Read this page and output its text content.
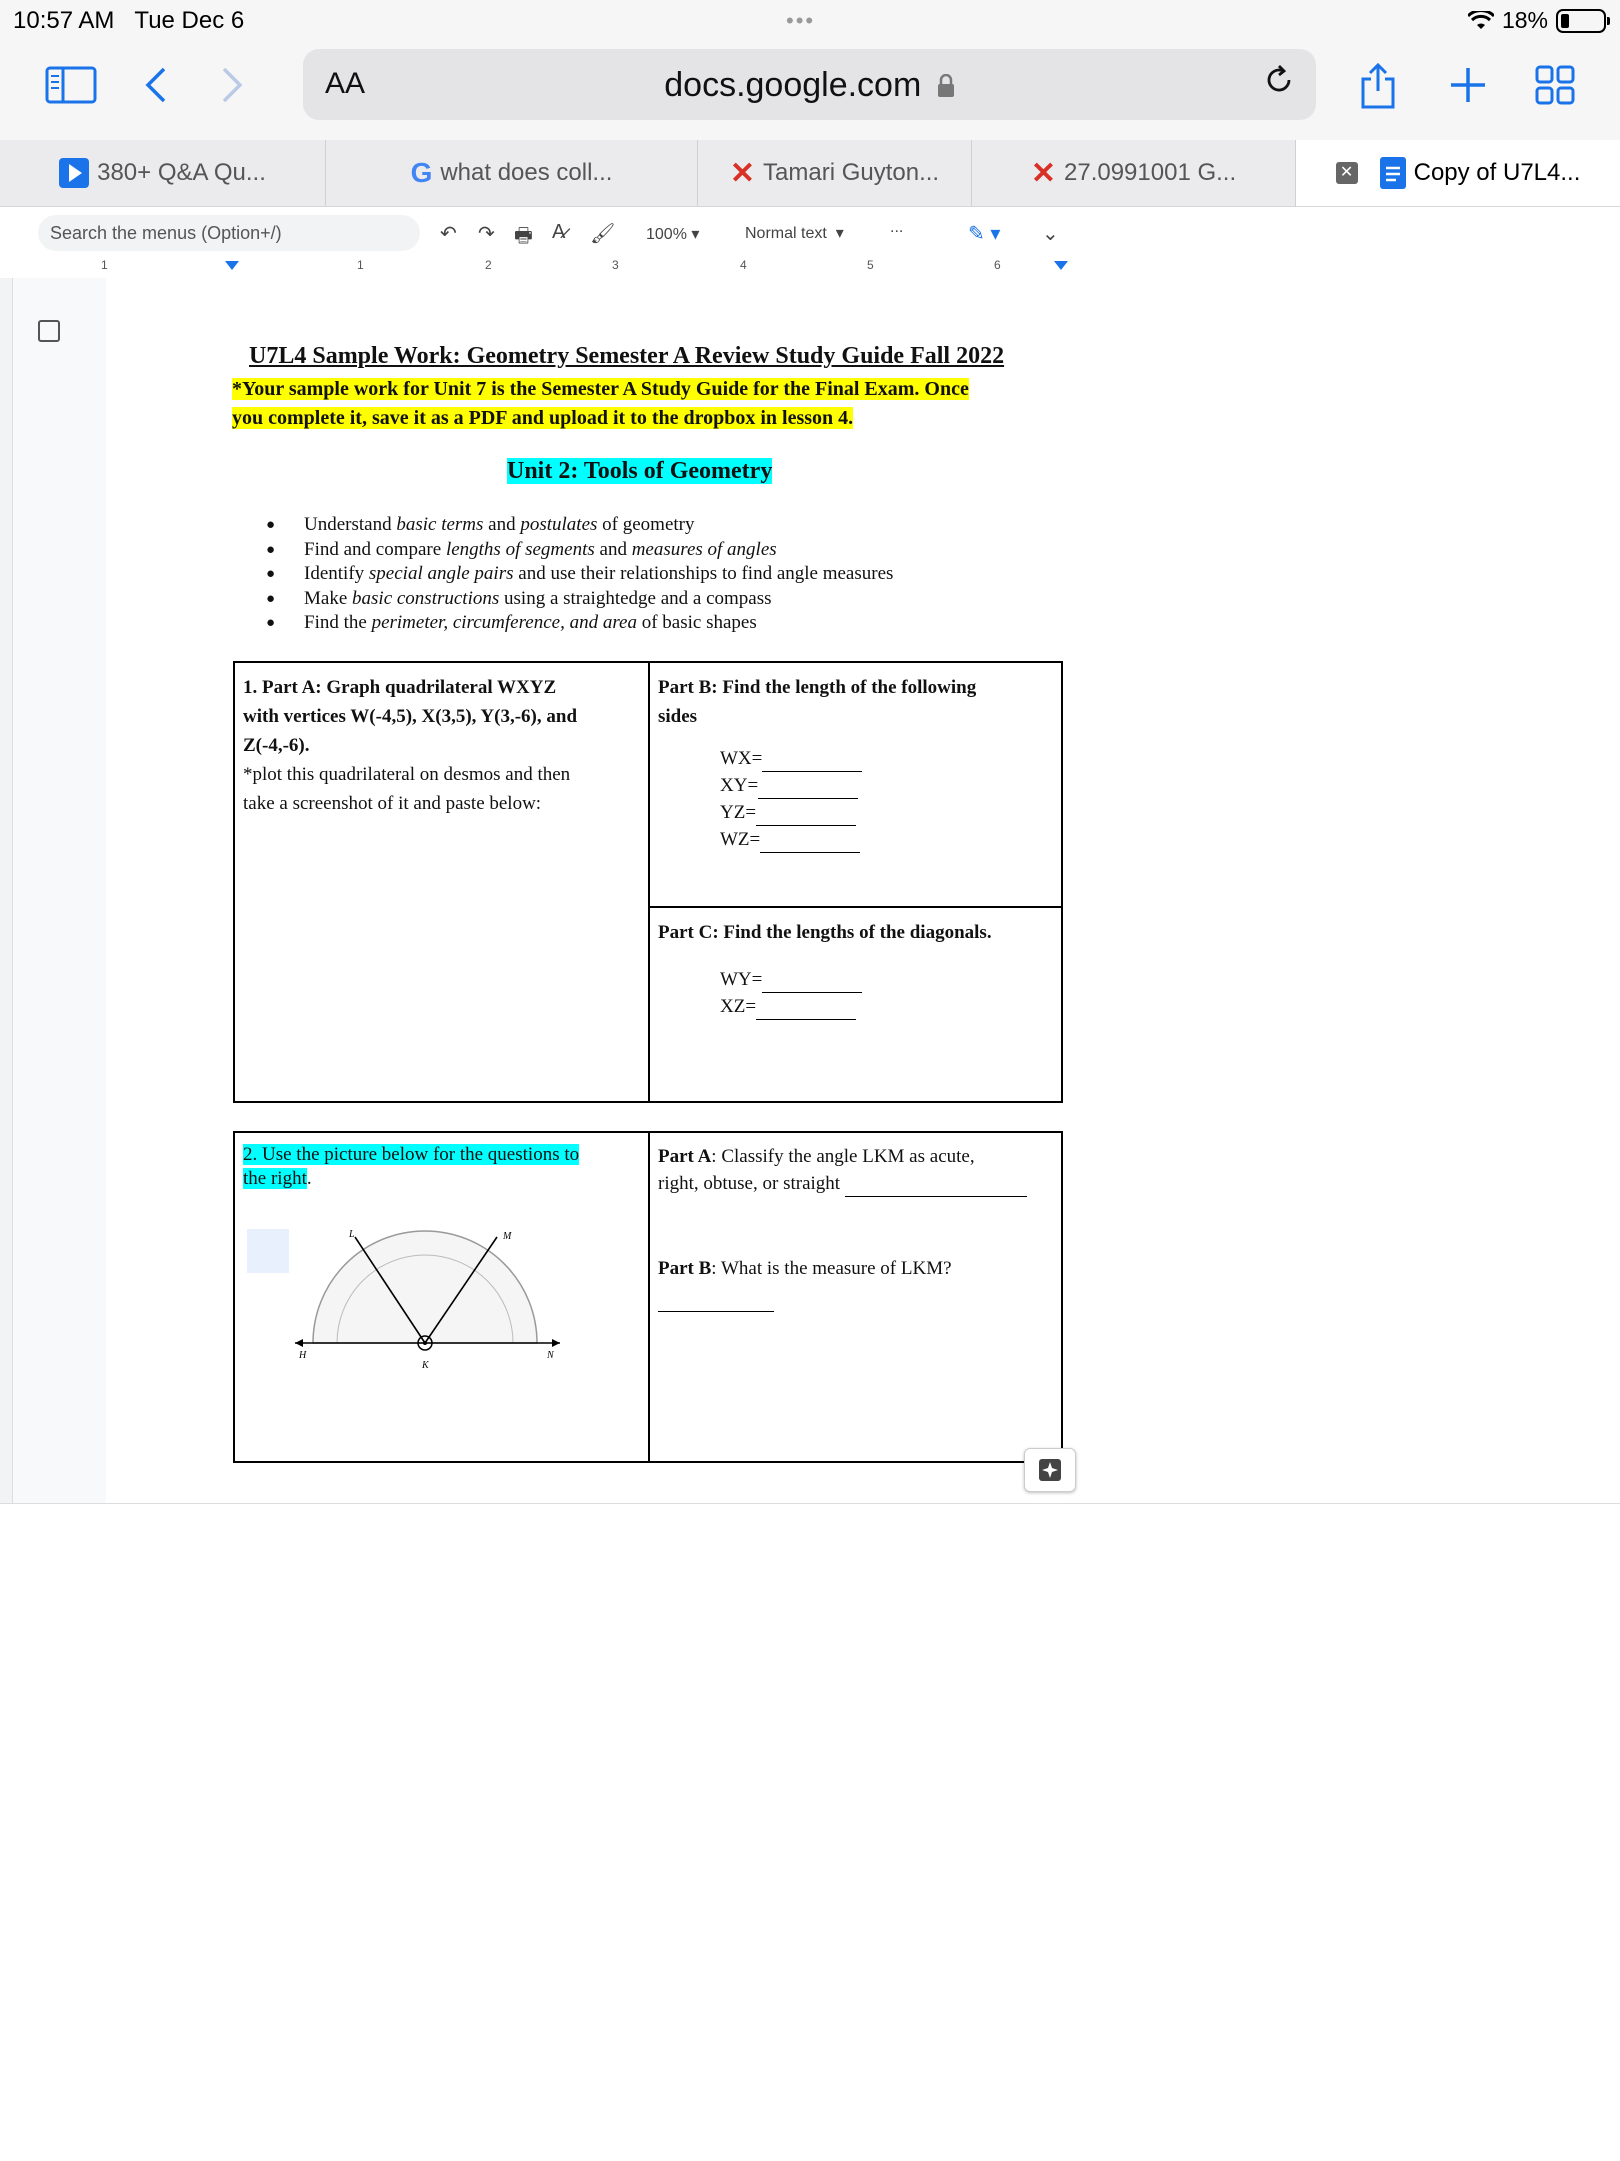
10:57 AM Tue Dec 6	•••	18%
AA	docs.google.com
380+ Q&A Qu...	G what does coll...	✕ Tamari Guyton...	✕ 27.0991001 G...	✕	Copy of U7L4...
Search the menus (Option+/)	↶ ↷ 🖶 A̷ 🖌 100% ▾	Normal text  ▾	...	✎ ▾ ⌄
1	1	2	3	4	5	6
U7L4 Sample Work: Geometry Semester A Review Study Guide Fall 2022
*Your sample work for Unit 7 is the Semester A Study Guide for the Final Exam. Once
you complete it, save it as a PDF and upload it to the dropbox in lesson 4.
Unit 2: Tools of Geometry
● Understand basic terms and postulates of geometry
● Find and compare lengths of segments and measures of angles
● Identify special angle pairs and use their relationships to find angle measures
● Make basic constructions using a straightedge and a compass
● Find the perimeter, circumference, and area of basic shapes
1. Part A: Graph quadrilateral WXYZ
with vertices W(-4,5), X(3,5), Y(3,-6), and
Z(-4,-6).
*plot this quadrilateral on desmos and then
take a screenshot of it and paste below:

Part B: Find the length of the following
sides
WX=
XY=
YZ=
WZ=

Part C: Find the lengths of the diagonals.
WY=
XZ=
2. Use the picture below for the questions to
the right.
L	M
H	N
K

Part A: Classify the angle LKM as acute,
right, obtuse, or straight
Part B: What is the measure of LKM?
